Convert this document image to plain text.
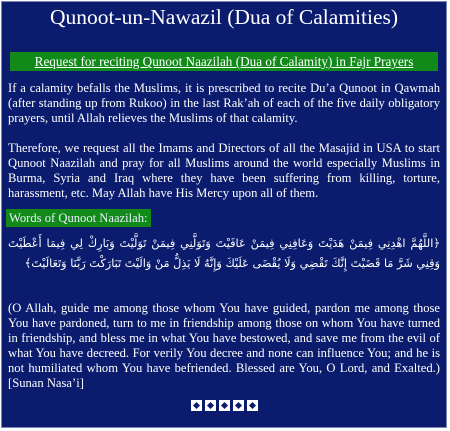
Qunoot-un-Nawazil (Dua of Calamities)
Request for reciting Qunoot Naazilah (Dua of Calamity) in Fajr Prayers

If a calamity befalls the Muslims, it is prescribed to recite Du’a Qunoot in Qawmah (after standing up from Rukoo) in the last Rak’ah of each of the five daily obligatory prayers, until Allah relieves the Muslims of that calamity.

Therefore, we request all the Imams and Directors of all the Masajid in USA to start Qunoot Naazilah and pray for all Muslims around the world especially Muslims in Burma, Syria and Iraq where they have been suffering from killing, torture, harassment, etc. May Allah have His Mercy upon all of them.

Words of Qunoot Naazilah:

﴿اللَّهُمَّ اهْدِنِي فِيمَنْ هَدَيْتَ وَعَافِنِي فِيمَنْ عَافَيْتَ وَتَوَلَّنِي فِيمَنْ تَوَلَّيْتَ وَبَارِكْ لِي فِيمَا أَعْطَيْتَ وَقِنِي شَرَّ مَا قَضَيْتَ إِنَّكَ تَقْضِي وَلَا يُقْضَى عَلَيْكَ وَإِنَّهُ لَا يَذِلُّ مَنْ وَالَيْتَ تَبَارَكْتَ رَبَّنَا وَتَعَالَيْتَ﴾

(O Allah, guide me among those whom You have guided, pardon me among those You have pardoned, turn to me in friendship among those on whom You have turned in friendship, and bless me in what You have bestowed, and save me from the evil of what You have decreed. For verily You decree and none can influence You; and he is not humiliated whom You have befriended. Blessed are You, O Lord, and Exalted.) [Sunan Nasa’i]
